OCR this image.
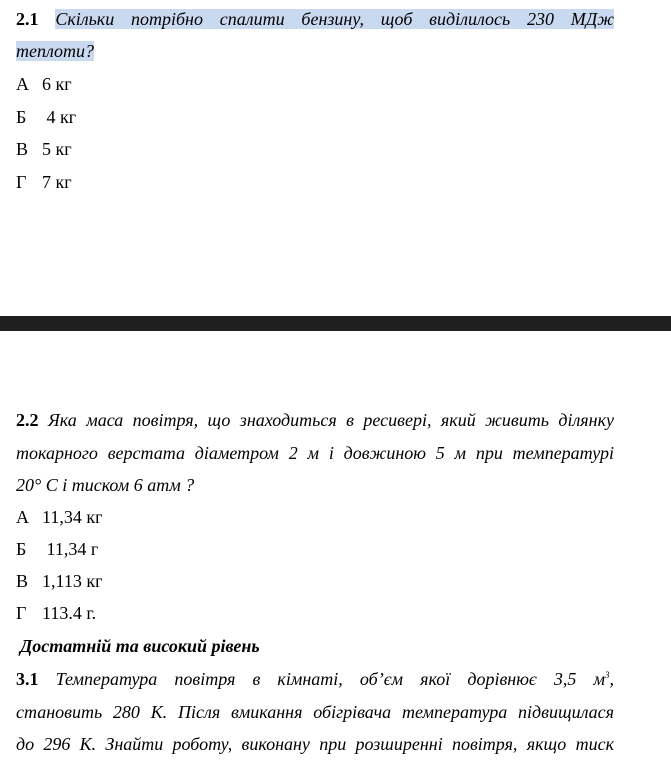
2.1 Скільки потрібно спалити бензину, щоб виділилось 230 МДж
теплоти?
А 6 кг
Б 4 кг
В 5 кг
Г 7 кг
2.2 Яка маса повітря, що знаходиться в ресивері, який живить ділянку
токарного верстата діаметром 2 м і довжиною 5 м при температурі
20° С і тиском 6 атм ?
А 11,34 кг
Б 11,34 г
В 1,113 кг
Г 113.4 г.
Достатній та високий рівень
3.1 Температура повітря в кімнаті, об’єм якої дорівнює 3,5 $м^3$,
становить 280 К. Після вмикання обігрівача температура підвищилася
до 296 К. Знайти роботу, виконану при розширенні повітря, якщо тиск
